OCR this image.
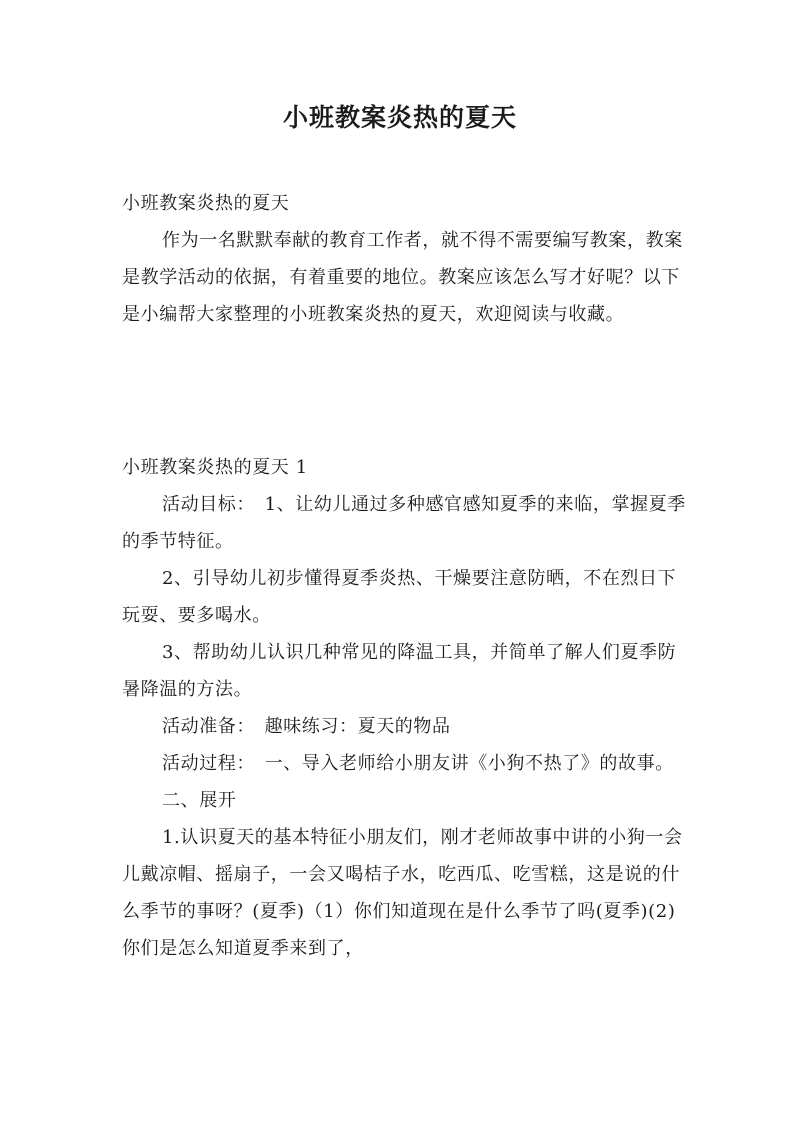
小班教案炎热的夏天

小班教案炎热的夏天

作为一名默默奉献的教育工作者，就不得不需要编写教案，教案是教学活动的依据，有着重要的地位。教案应该怎么写才好呢？以下是小编帮大家整理的小班教案炎热的夏天，欢迎阅读与收藏。

小班教案炎热的夏天 1

活动目标：　1、让幼儿通过多种感官感知夏季的来临，掌握夏季的季节特征。

2、引导幼儿初步懂得夏季炎热、干燥要注意防晒，不在烈日下玩耍、要多喝水。

3、帮助幼儿认识几种常见的降温工具，并简单了解人们夏季防暑降温的方法。

活动准备：　趣味练习：夏天的物品

活动过程：　一、导入老师给小朋友讲《小狗不热了》的故事。

二、展开

1.认识夏天的基本特征小朋友们，刚才老师故事中讲的小狗一会儿戴凉帽、摇扇子，一会又喝桔子水，吃西瓜、吃雪糕，这是说的什么季节的事呀？(夏季)（1）你们知道现在是什么季节了吗(夏季)(2)你们是怎么知道夏季来到了，
